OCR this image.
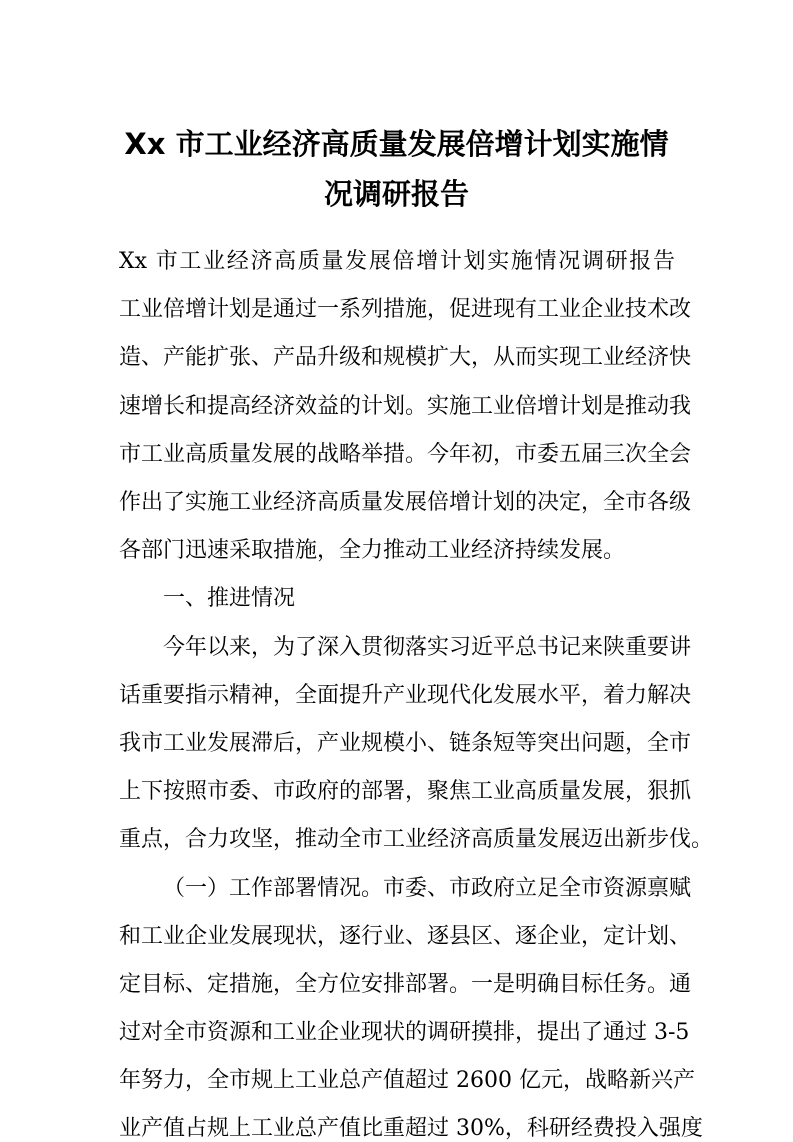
Xx 市工业经济高质量发展倍增计划实施情
况调研报告

Xx 市工业经济高质量发展倍增计划实施情况调研报告

工业倍增计划是通过一系列措施，促进现有工业企业技术改

造、产能扩张、产品升级和规模扩大，从而实现工业经济快

速增长和提高经济效益的计划。实施工业倍增计划是推动我

市工业高质量发展的战略举措。今年初，市委五届三次全会

作出了实施工业经济高质量发展倍增计划的决定，全市各级

各部门迅速采取措施，全力推动工业经济持续发展。

一、推进情况

今年以来，为了深入贯彻落实习近平总书记来陕重要讲

话重要指示精神，全面提升产业现代化发展水平，着力解决

我市工业发展滞后，产业规模小、链条短等突出问题，全市

上下按照市委、市政府的部署，聚焦工业高质量发展，狠抓

重点，合力攻坚，推动全市工业经济高质量发展迈出新步伐。

（一）工作部署情况。市委、市政府立足全市资源禀赋

和工业企业发展现状，逐行业、逐县区、逐企业，定计划、

定目标、定措施，全方位安排部署。一是明确目标任务。通

过对全市资源和工业企业现状的调研摸排，提出了通过 3-5

年努力，全市规上工业总产值超过 2600 亿元，战略新兴产

业产值占规上工业总产值比重超过 30%，科研经费投入强度
